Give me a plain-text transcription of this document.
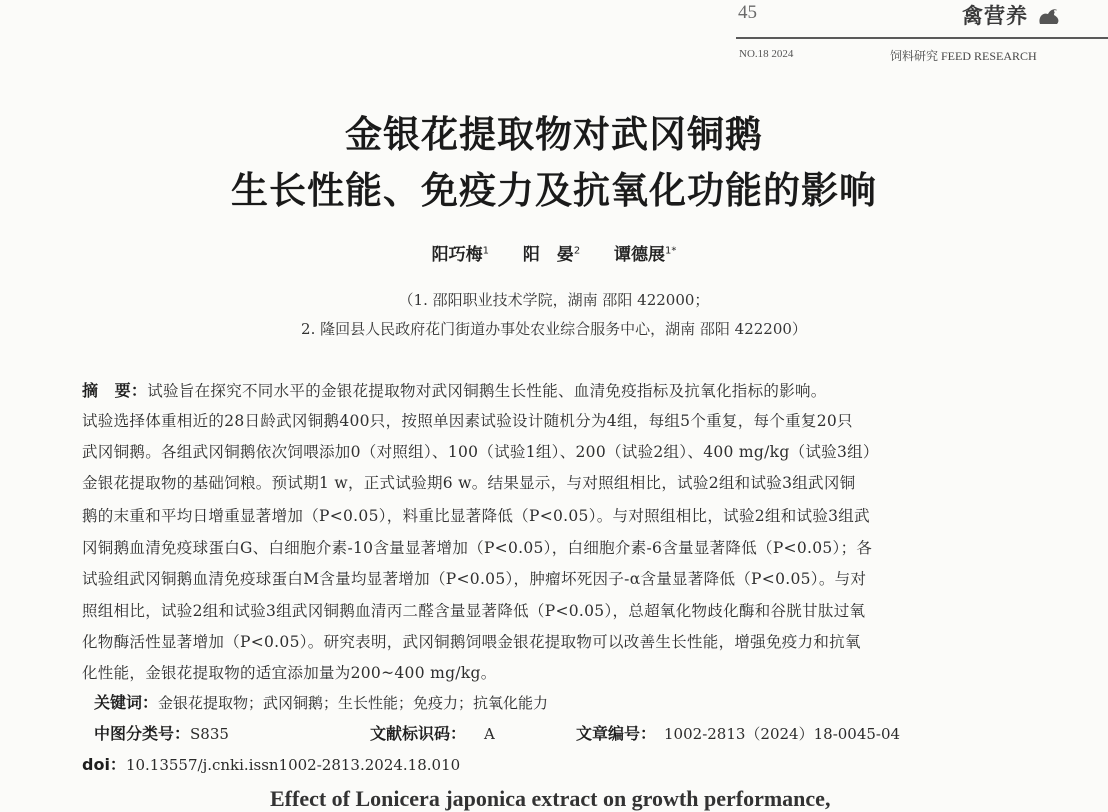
45	禽营养
NO.18 2024	饲料研究 FEED RESEARCH
金银花提取物对武冈铜鹅
生长性能、免疫力及抗氧化功能的影响
阳巧梅$^1$ 阳　晏$^2$ 谭德展$^{1*}$
（1. 邵阳职业技术学院，湖南 邵阳 422000；
2. 隆回县人民政府花门街道办事处农业综合服务中心，湖南 邵阳 422200）
摘　要：试验旨在探究不同水平的金银花提取物对武冈铜鹅生长性能、血清免疫指标及抗氧化指标的影响。
试验选择体重相近的28日龄武冈铜鹅400只，按照单因素试验设计随机分为4组，每组5个重复，每个重复20只
武冈铜鹅。各组武冈铜鹅依次饲喂添加0（对照组）、100（试验1组）、200（试验2组）、400 mg/kg（试验3组）
金银花提取物的基础饲粮。预试期1 w，正式试验期6 w。结果显示，与对照组相比，试验2组和试验3组武冈铜
鹅的末重和平均日增重显著增加（P<0.05），料重比显著降低（P<0.05）。与对照组相比，试验2组和试验3组武
冈铜鹅血清免疫球蛋白G、白细胞介素-10含量显著增加（P<0.05），白细胞介素-6含量显著降低（P<0.05）；各
试验组武冈铜鹅血清免疫球蛋白M含量均显著增加（P<0.05），肿瘤坏死因子-α含量显著降低（P<0.05）。与对
照组相比，试验2组和试验3组武冈铜鹅血清丙二醛含量显著降低（P<0.05），总超氧化物歧化酶和谷胱甘肽过氧
化物酶活性显著增加（P<0.05）。研究表明，武冈铜鹅饲喂金银花提取物可以改善生长性能，增强免疫力和抗氧
化性能，金银花提取物的适宜添加量为200~400 mg/kg。
关键词：金银花提取物；武冈铜鹅；生长性能；免疫力；抗氧化能力
中图分类号：S835	文献标识码： A	文章编号： 1002-2813（2024）18-0045-04
doi：10.13557/j.cnki.issn1002-2813.2024.18.010
Effect of Lonicera japonica extract on growth performance,
